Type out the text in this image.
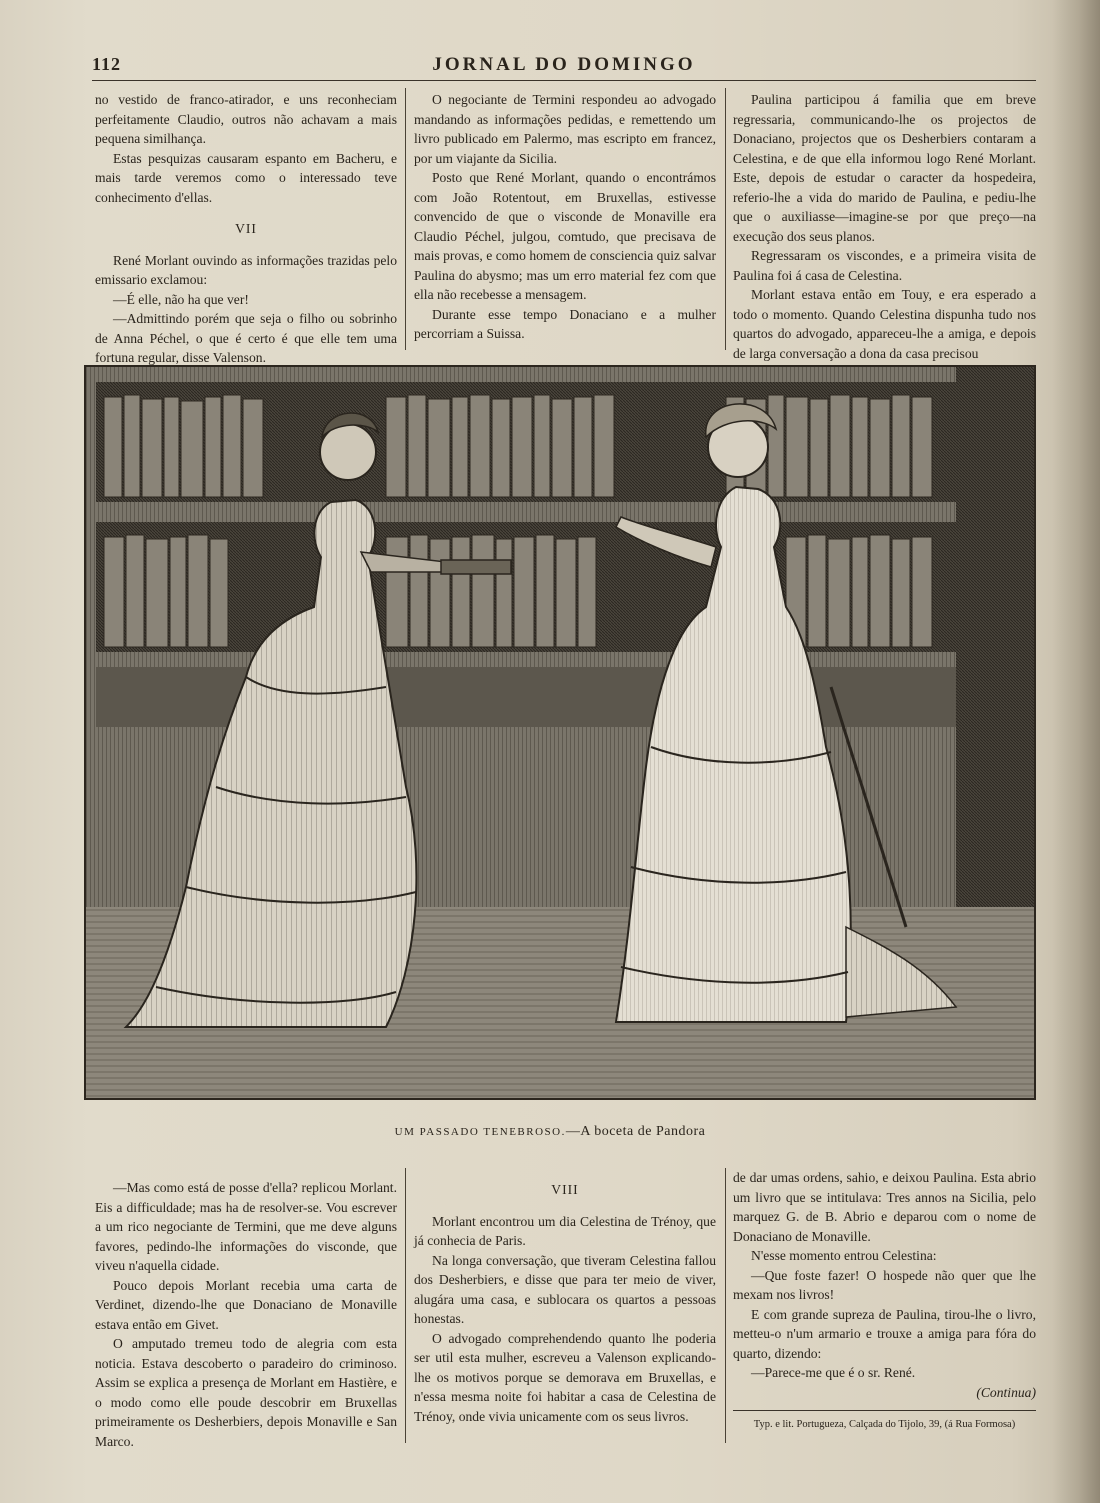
112	JORNAL DO DOMINGO

no vestido de franco-atirador, e uns reconheciam perfeitamente Claudio, outros não achavam a mais pequena similhança.

Estas pesquizas causaram espanto em Bacheru, e mais tarde veremos como o interessado teve conhecimento d'ellas.

VII

René Morlant ouvindo as informações trazidas pelo emissario exclamou:

—É elle, não ha que ver!

—Admittindo porém que seja o filho ou sobrinho de Anna Péchel, o que é certo é que elle tem uma fortuna regular, disse Valenson.

O negociante de Termini respondeu ao advogado mandando as informações pedidas, e remettendo um livro publicado em Palermo, mas escripto em francez, por um viajante da Sicilia.

Posto que René Morlant, quando o encontrámos com João Rotentout, em Bruxellas, estivesse convencido de que o visconde de Monaville era Claudio Péchel, julgou, comtudo, que precisava de mais provas, e como homem de consciencia quiz salvar Paulina do abysmo; mas um erro material fez com que ella não recebesse a mensagem.

Durante esse tempo Donaciano e a mulher percorriam a Suissa.

Paulina participou á familia que em breve regressaria, communicando-lhe os projectos de Donaciano, projectos que os Desherbiers contaram a Celestina, e de que ella informou logo René Morlant. Este, depois de estudar o caracter da hospedeira, referio-lhe a vida do marido de Paulina, e pediu-lhe que o auxiliasse—imagine-se por que preço—na execução dos seus planos.

Regressaram os viscondes, e a primeira visita de Paulina foi á casa de Celestina.

Morlant estava então em Touy, e era esperado a todo o momento. Quando Celestina dispunha tudo nos quartos do advogado, appareceu-lhe a amiga, e depois de larga conversação a dona da casa precisou

UM PASSADO TENEBROSO.—A boceta de Pandora

—Mas como está de posse d'ella? replicou Morlant. Eis a difficuldade; mas ha de resolver-se. Vou escrever a um rico negociante de Termini, que me deve alguns favores, pedindo-lhe informações do visconde, que viveu n'aquella cidade.

Pouco depois Morlant recebia uma carta de Verdinet, dizendo-lhe que Donaciano de Monaville estava então em Givet.

O amputado tremeu todo de alegria com esta noticia. Estava descoberto o paradeiro do criminoso. Assim se explica a presença de Morlant em Hastière, e o modo como elle poude descobrir em Bruxellas primeiramente os Desherbiers, depois Monaville e San Marco.

VIII

Morlant encontrou um dia Celestina de Trénoy, que já conhecia de Paris.

Na longa conversação, que tiveram Celestina fallou dos Desherbiers, e disse que para ter meio de viver, alugára uma casa, e sublocara os quartos a pessoas honestas.

O advogado comprehendendo quanto lhe poderia ser util esta mulher, escreveu a Valenson explicando-lhe os motivos porque se demorava em Bruxellas, e n'essa mesma noite foi habitar a casa de Celestina de Trénoy, onde vivia unicamente com os seus livros.

de dar umas ordens, sahio, e deixou Paulina. Esta abrio um livro que se intitulava: Tres annos na Sicilia, pelo marquez G. de B. Abrio e deparou com o nome de Donaciano de Monaville.

N'esse momento entrou Celestina:

—Que foste fazer! O hospede não quer que lhe mexam nos livros!

E com grande supreza de Paulina, tirou-lhe o livro, metteu-o n'um armario e trouxe a amiga para fóra do quarto, dizendo:

—Parece-me que é o sr. René.

(Continua)

Typ. e lit. Portugueza, Calçada do Tijolo, 39, (á Rua Formosa)
